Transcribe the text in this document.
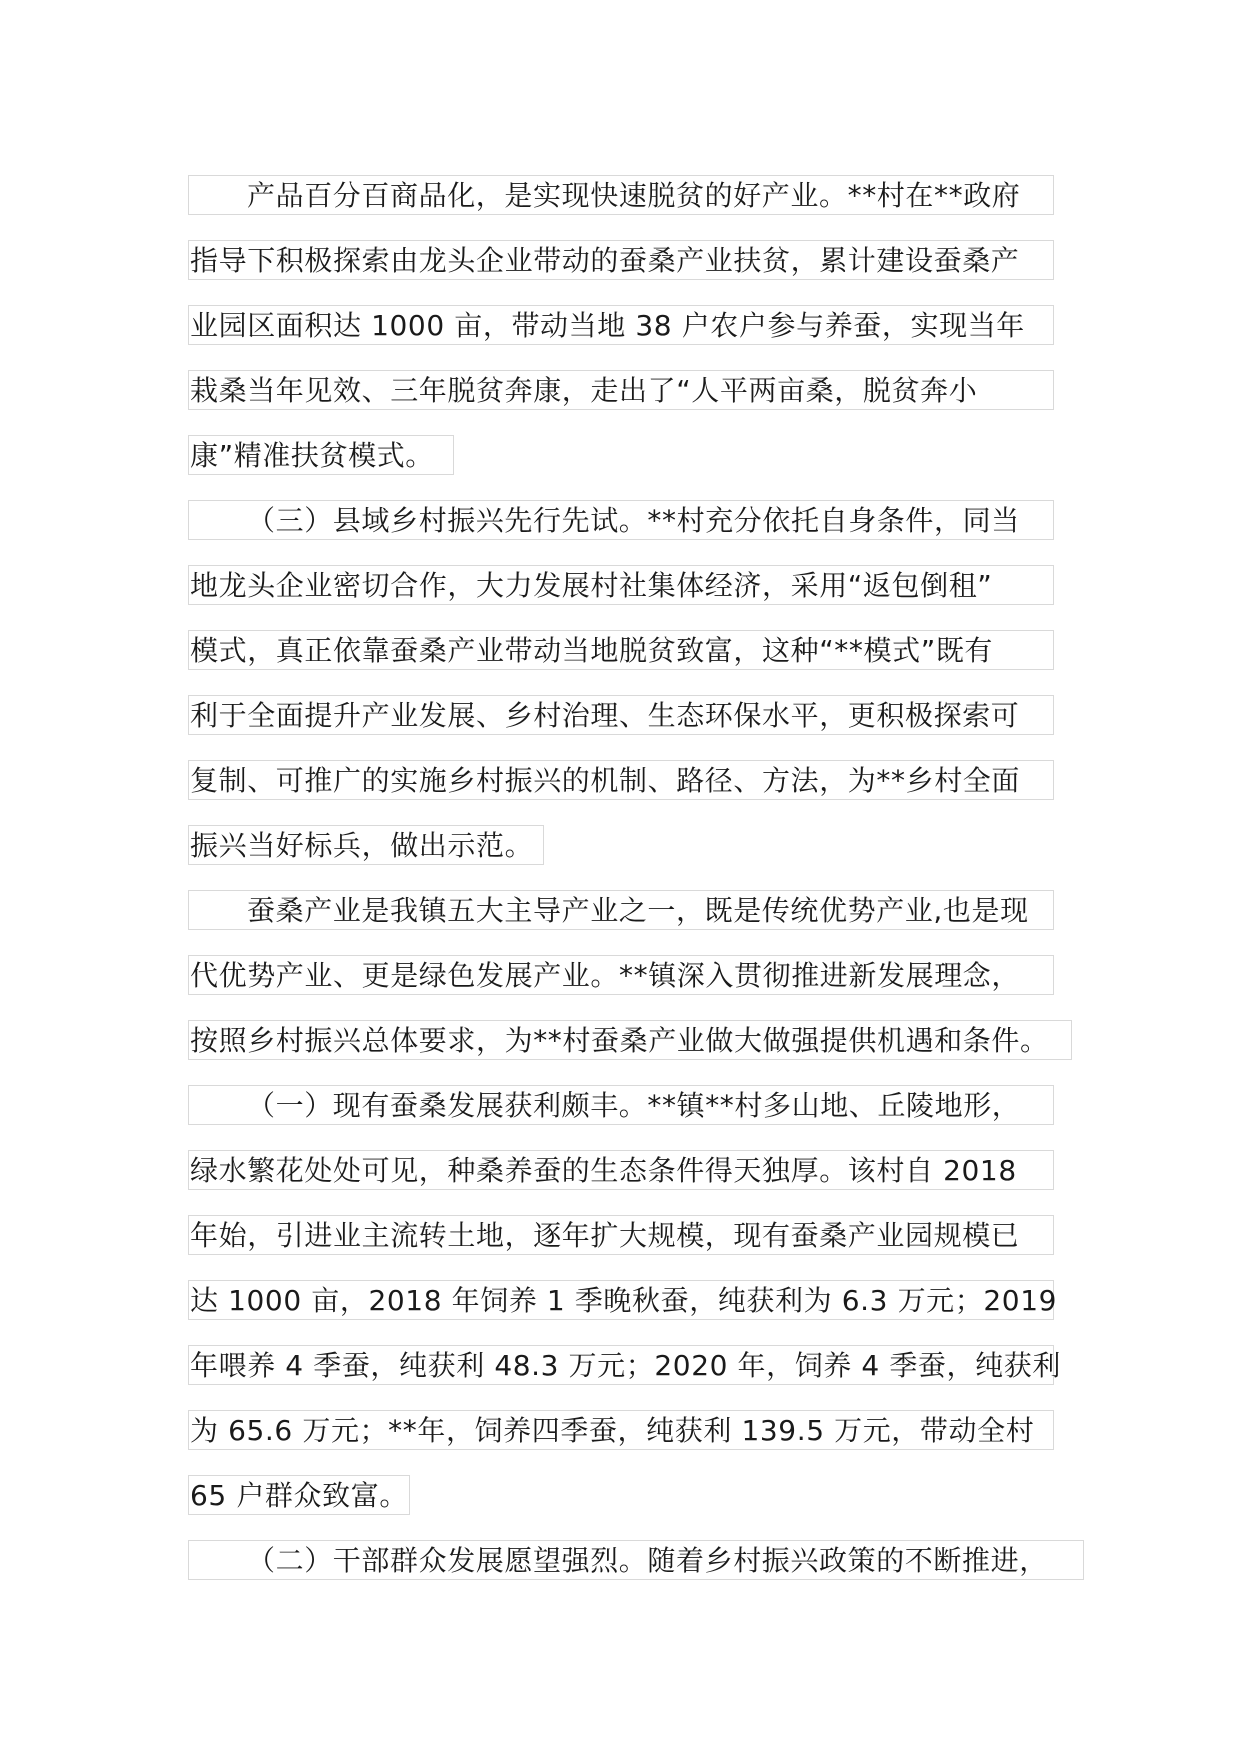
产品百分百商品化，是实现快速脱贫的好产业。**村在**政府
指导下积极探索由龙头企业带动的蚕桑产业扶贫，累计建设蚕桑产
业园区面积达 1000 亩，带动当地 38 户农户参与养蚕，实现当年
栽桑当年见效、三年脱贫奔康，走出了“人平两亩桑，脱贫奔小
康”精准扶贫模式。
（三）县域乡村振兴先行先试。**村充分依托自身条件，同当
地龙头企业密切合作，大力发展村社集体经济，采用“返包倒租”
模式，真正依靠蚕桑产业带动当地脱贫致富，这种“**模式”既有
利于全面提升产业发展、乡村治理、生态环保水平，更积极探索可
复制、可推广的实施乡村振兴的机制、路径、方法，为**乡村全面
振兴当好标兵，做出示范。
蚕桑产业是我镇五大主导产业之一，既是传统优势产业,也是现
代优势产业、更是绿色发展产业。**镇深入贯彻推进新发展理念，
按照乡村振兴总体要求，为**村蚕桑产业做大做强提供机遇和条件。
（一）现有蚕桑发展获利颇丰。**镇**村多山地、丘陵地形，
绿水繁花处处可见，种桑养蚕的生态条件得天独厚。该村自 2018
年始，引进业主流转土地，逐年扩大规模，现有蚕桑产业园规模已
达 1000 亩，2018 年饲养 1 季晚秋蚕，纯获利为 6.3 万元；2019
年喂养 4 季蚕，纯获利 48.3 万元；2020 年，饲养 4 季蚕，纯获利
为 65.6 万元；**年，饲养四季蚕，纯获利 139.5 万元，带动全村
65 户群众致富。
（二）干部群众发展愿望强烈。随着乡村振兴政策的不断推进，
